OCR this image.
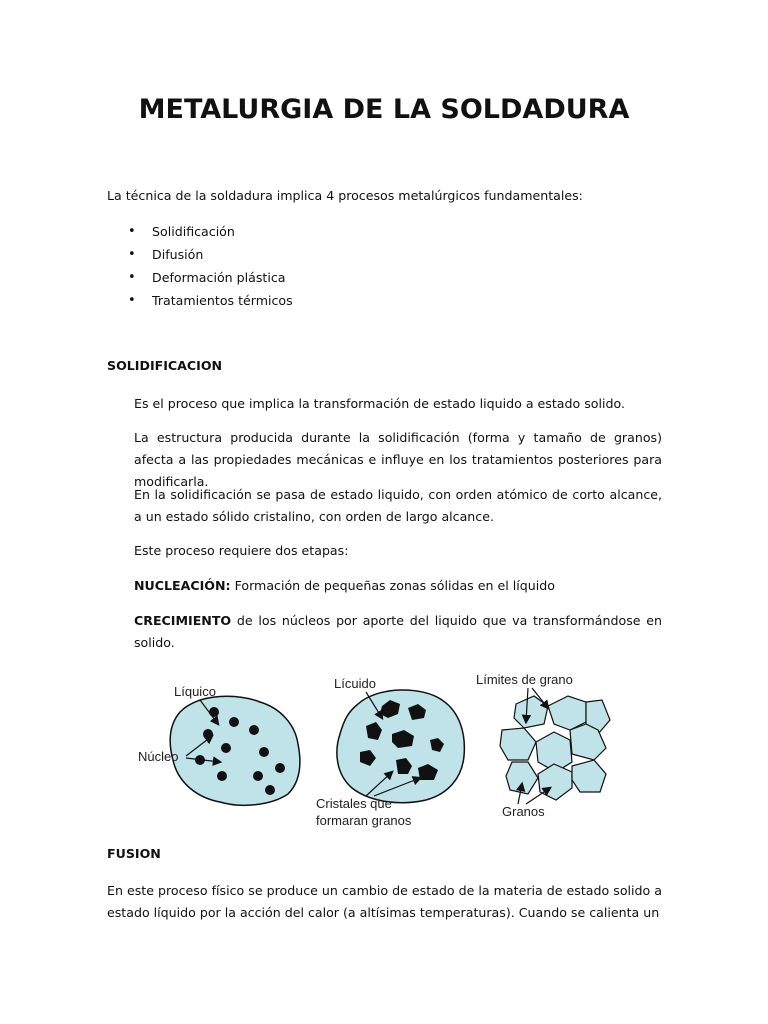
METALURGIA DE LA SOLDADURA
La técnica de la soldadura implica 4 procesos metalúrgicos fundamentales:
• Solidificación
• Difusión
• Deformación plástica
• Tratamientos térmicos
SOLIDIFICACION
Es el proceso que implica la transformación de estado liquido a estado solido.
La estructura producida durante la solidificación (forma y tamaño de granos) afecta a las propiedades mecánicas e influye en los tratamientos posteriores para modificarla.
En la solidificación se pasa de estado liquido, con orden atómico de corto alcance, a un estado sólido cristalino, con orden de largo alcance.
Este proceso requiere dos etapas:
NUCLEACIÓN: Formación de pequeñas zonas sólidas en el líquido
CRECIMIENTO de los núcleos por aporte del liquido que va transformándose en solido.
Líquico
Núcleo
Lícuido
Cristales que
formaran granos
Límites de grano
Granos
FUSION
En este proceso físico se produce un cambio de estado de la materia de estado solido a estado líquido por la acción del calor (a altísimas temperaturas). Cuando se calienta un
